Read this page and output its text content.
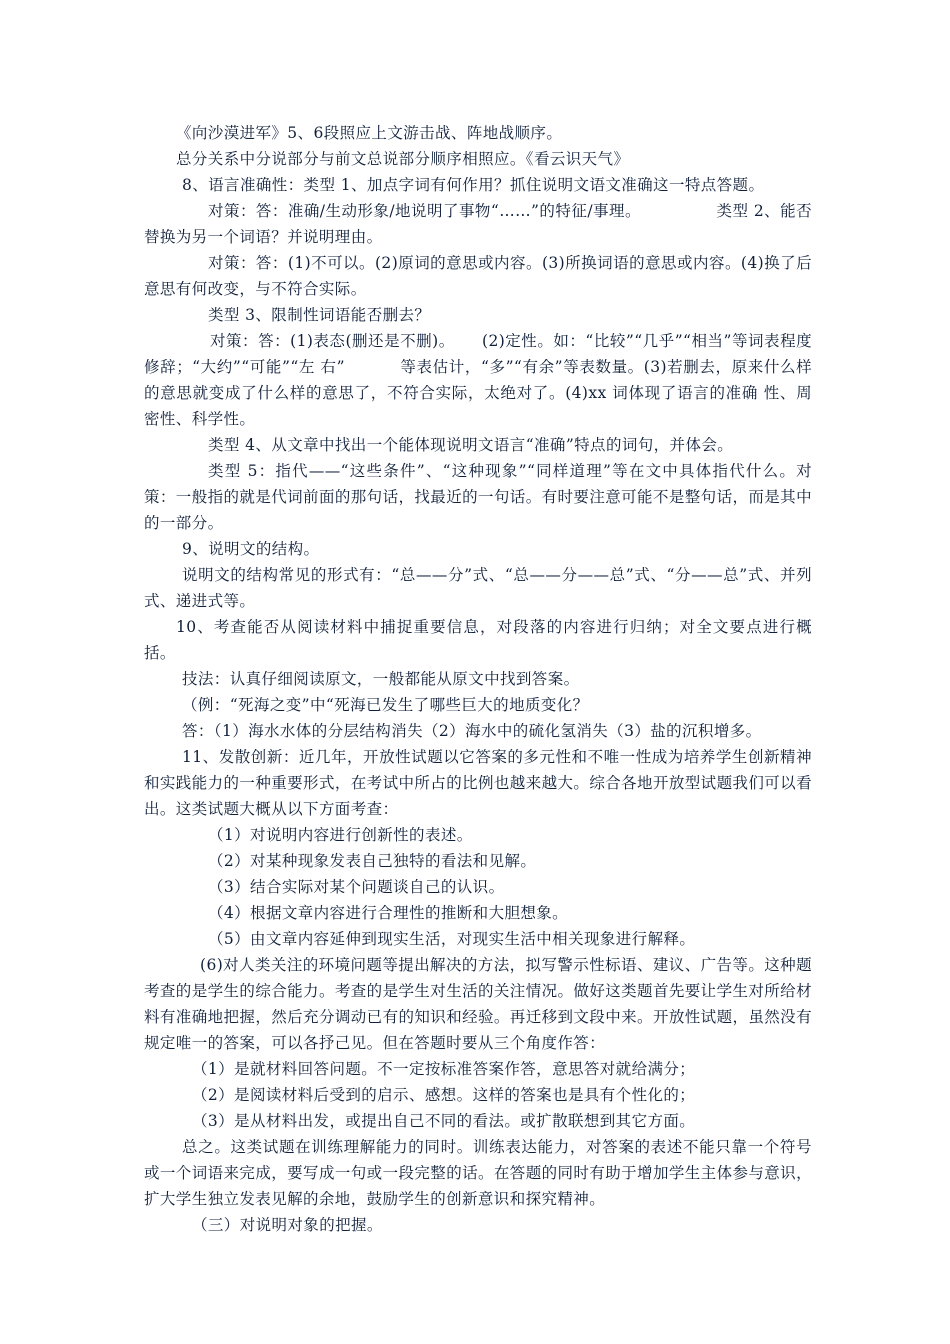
《向沙漠进军》5、6段照应上文游击战、阵地战顺序。

总分关系中分说部分与前文总说部分顺序相照应。《看云识天气》

8、语言准确性：类型 1、加点字词有何作用？抓住说明文语文准确这一特点答题。

对策：答：准确/生动形象/地说明了事物“……”的特征/事理。              类型 2、能否替换为另一个词语？并说明理由。

对策：答：(1)不可以。(2)原词的意思或内容。(3)所换词语的意思或内容。(4)换了后意思有何改变，与不符合实际。

类型 3、限制性词语能否删去？

对策：答：(1)表态(删还是不删)。     (2)定性。如：“比较”“几乎”“相当”等词表程度修辞；“大约”“可能”“左 右”          等表估计，“多”“有余”等表数量。(3)若删去，原来什么样的意思就变成了什么样的意思了，不符合实际，太绝对了。(4)xx 词体现了语言的准确 性、周密性、科学性。

类型 4、从文章中找出一个能体现说明文语言“准确”特点的词句，并体会。

类型 5：指代——“这些条件”、“这种现象”“同样道理”等在文中具体指代什么。对策：一般指的就是代词前面的那句话，找最近的一句话。有时要注意可能不是整句话，而是其中的一部分。

9、说明文的结构。

说明文的结构常见的形式有：“总——分”式、“总——分——总”式、“分——总”式、并列式、递进式等。

10、考查能否从阅读材料中捕捉重要信息，对段落的内容进行归纳；对全文要点进行概括。

技法：认真仔细阅读原文，一般都能从原文中找到答案。

（例：“死海之变”中“死海已发生了哪些巨大的地质变化？

答：（1）海水水体的分层结构消失（2）海水中的硫化氢消失（3）盐的沉积增多。

11、发散创新：近几年，开放性试题以它答案的多元性和不唯一性成为培养学生创新精神和实践能力的一种重要形式，在考试中所占的比例也越来越大。综合各地开放型试题我们可以看出。这类试题大概从以下方面考查：

（1）对说明内容进行创新性的表述。

（2）对某种现象发表自己独特的看法和见解。

（3）结合实际对某个问题谈自己的认识。

（4）根据文章内容进行合理性的推断和大胆想象。

（5）由文章内容延伸到现实生活，对现实生活中相关现象进行解释。

(6)对人类关注的环境问题等提出解决的方法，拟写警示性标语、建议、广告等。这种题考查的是学生的综合能力。考查的是学生对生活的关注情况。做好这类题首先要让学生对所给材料有准确地把握，然后充分调动已有的知识和经验。再迁移到文段中来。开放性试题，虽然没有规定唯一的答案，可以各抒己见。但在答题时要从三个角度作答：

（1）是就材料回答问题。不一定按标准答案作答，意思答对就给满分；

（2）是阅读材料后受到的启示、感想。这样的答案也是具有个性化的；

（3）是从材料出发，或提出自己不同的看法。或扩散联想到其它方面。

总之。这类试题在训练理解能力的同时。训练表达能力，对答案的表述不能只靠一个符号或一个词语来完成，要写成一句或一段完整的话。在答题的同时有助于增加学生主体参与意识，扩大学生独立发表见解的余地，鼓励学生的创新意识和探究精神。

（三）对说明对象的把握。
